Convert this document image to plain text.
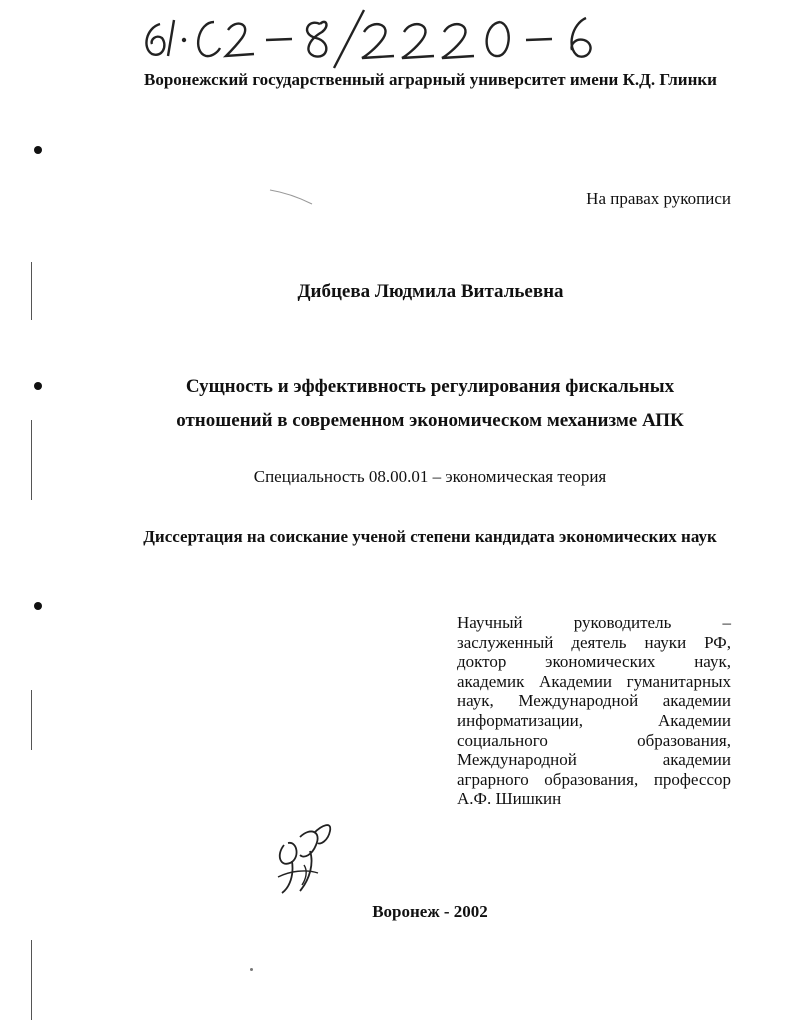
Воронежский государственный аграрный университет имени К.Д. Глинки
На правах рукописи
Дибцева Людмила Витальевна
Сущность и эффективность регулирования фискальных
отношений в современном экономическом механизме АПК
Специальность 08.00.01 – экономическая теория
Диссертация на соискание ученой степени кандидата экономических наук
Научный руководитель –
заслуженный деятель науки РФ,
доктор экономических наук,
академик Академии гуманитарных
наук, Международной академии
информатизации, Академии
социального образования,
Международной академии
аграрного образования, профессор
А.Ф. Шишкин
Воронеж - 2002
